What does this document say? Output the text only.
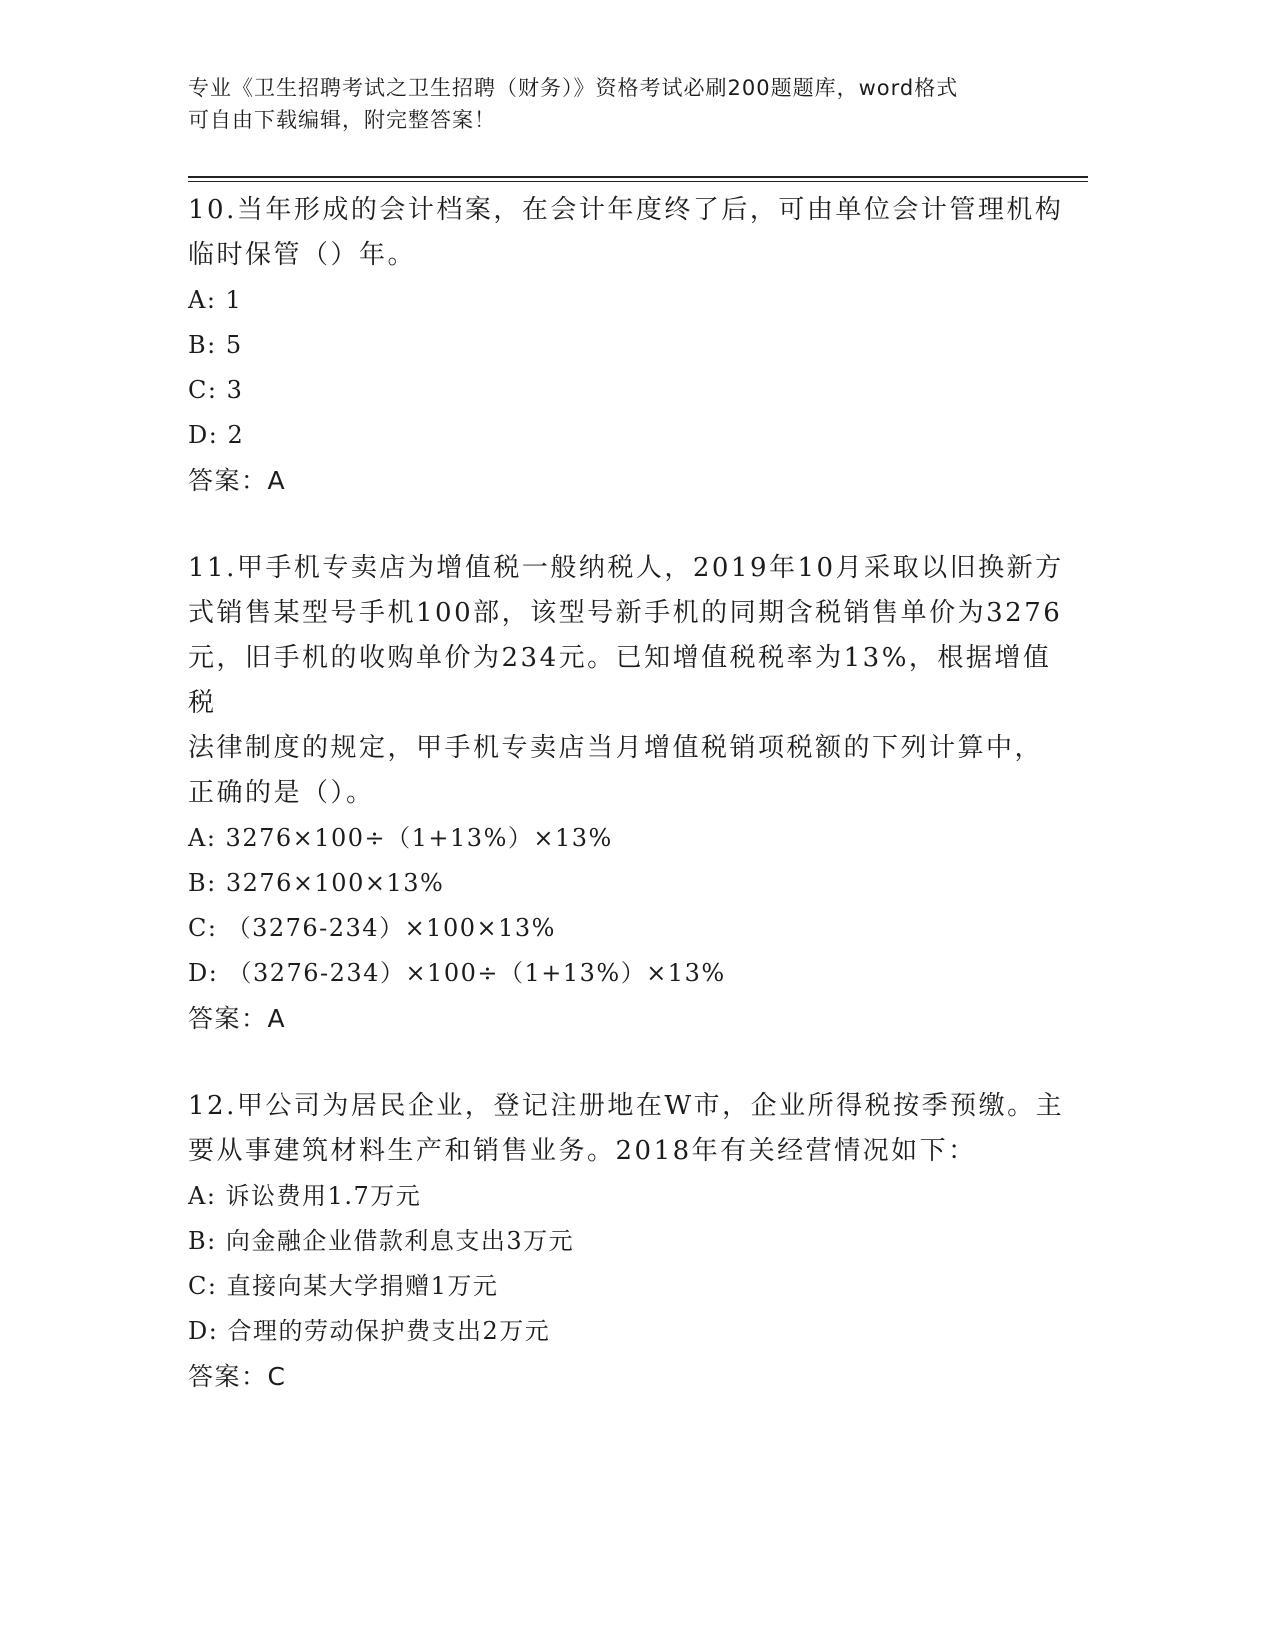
专业《卫生招聘考试之卫生招聘（财务）》资格考试必刷200题题库，word格式
可自由下载编辑，附完整答案！
10.当年形成的会计档案，在会计年度终了后，可由单位会计管理机构
临时保管（）年。
A: 1
B: 5
C: 3
D: 2
答案：A
11.甲手机专卖店为增值税一般纳税人，2019年10月采取以旧换新方
式销售某型号手机100部，该型号新手机的同期含税销售单价为3276
元，旧手机的收购单价为234元。已知增值税税率为13%，根据增值税
法律制度的规定，甲手机专卖店当月增值税销项税额的下列计算中，
正确的是（）。
A: 3276×100÷（1+13%）×13%
B: 3276×100×13%
C: （3276-234）×100×13%
D: （3276-234）×100÷（1+13%）×13%
答案：A
12.甲公司为居民企业，登记注册地在W市，企业所得税按季预缴。主
要从事建筑材料生产和销售业务。2018年有关经营情况如下：
A: 诉讼费用1.7万元
B: 向金融企业借款利息支出3万元
C: 直接向某大学捐赠1万元
D: 合理的劳动保护费支出2万元
答案：C
